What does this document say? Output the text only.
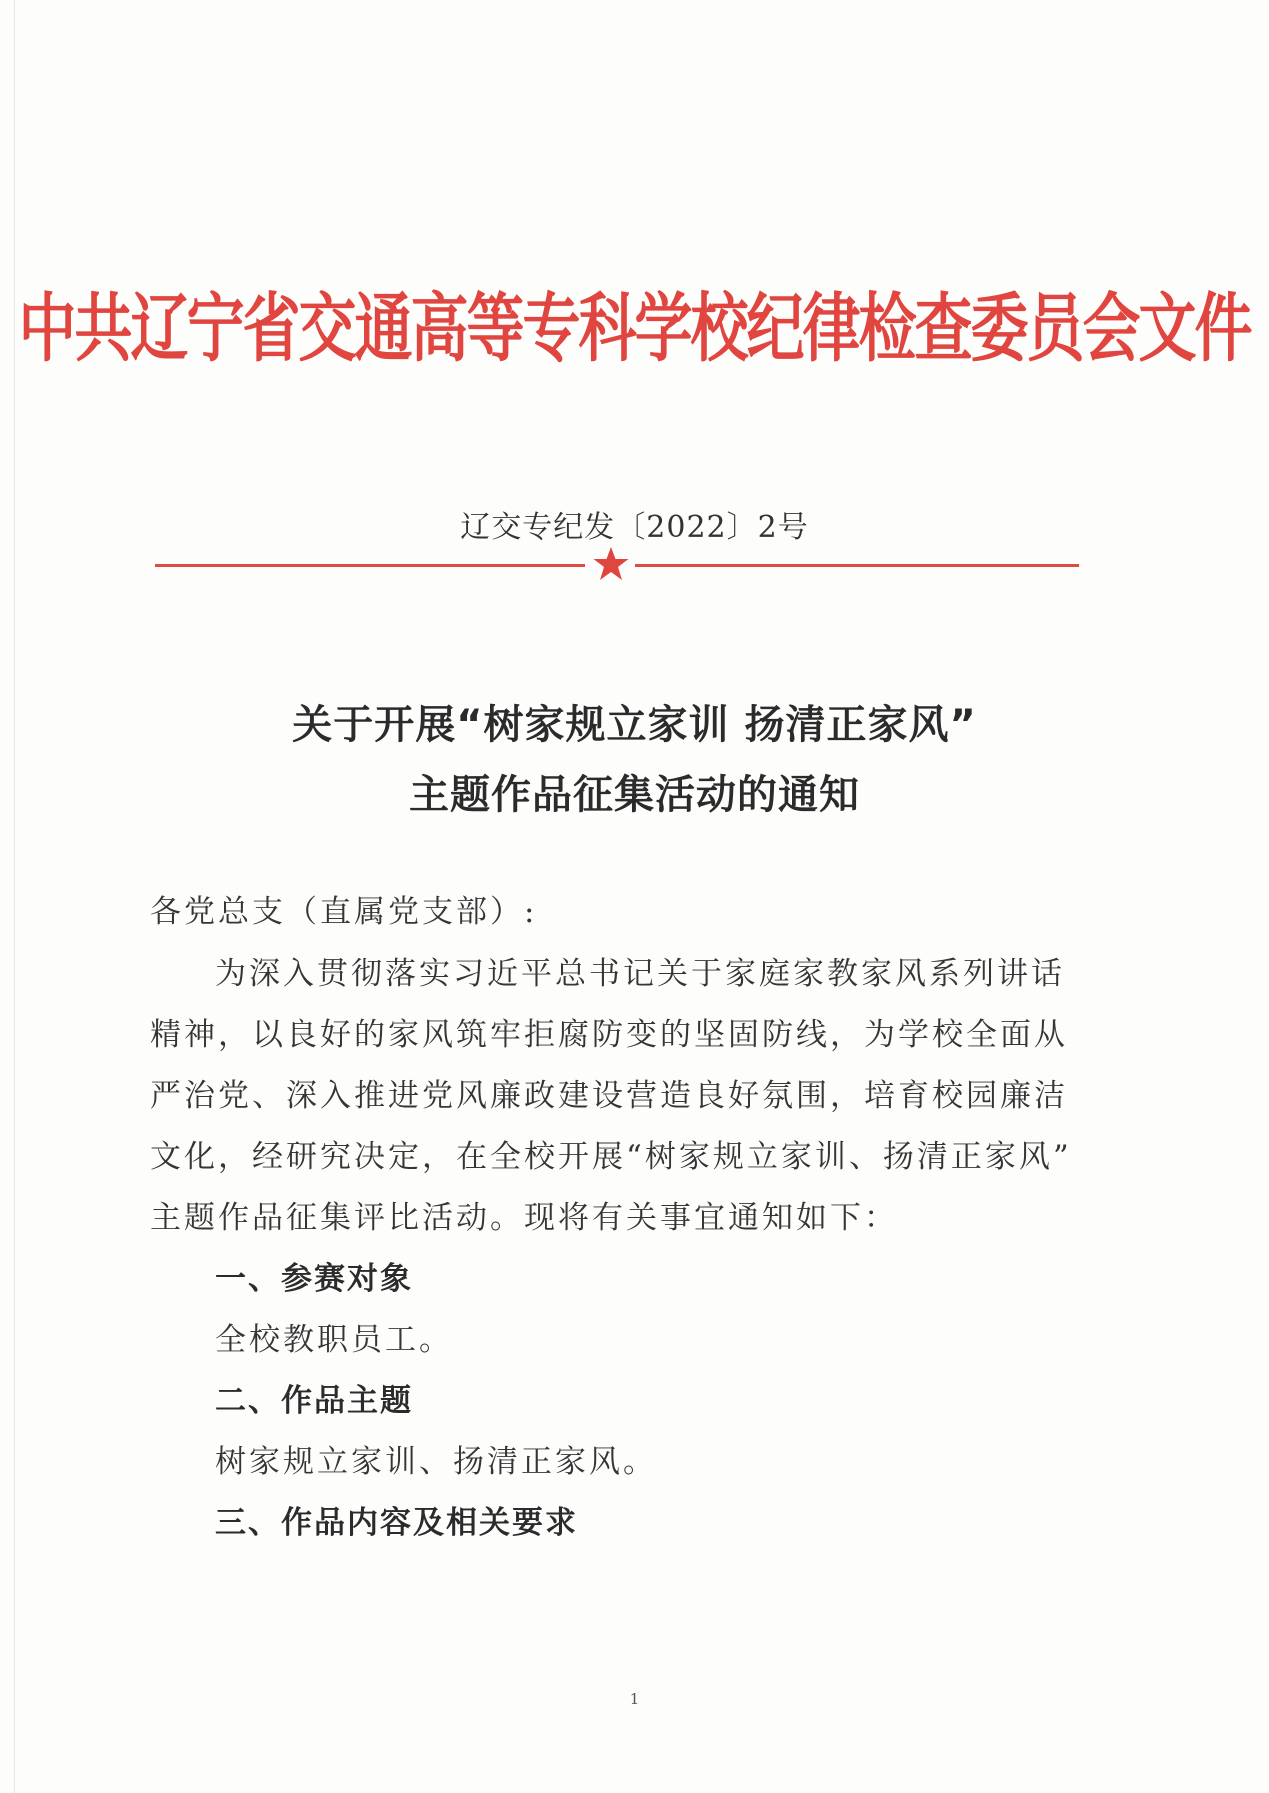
中共辽宁省交通高等专科学校纪律检查委员会文件
辽交专纪发〔2022〕2号
关于开展“树家规立家训 扬清正家风”
主题作品征集活动的通知
各党总支（直属党支部）:
为深入贯彻落实习近平总书记关于家庭家教家风系列讲话
精神，以良好的家风筑牢拒腐防变的坚固防线，为学校全面从
严治党、深入推进党风廉政建设营造良好氛围，培育校园廉洁
文化，经研究决定，在全校开展“树家规立家训、扬清正家风”
主题作品征集评比活动。现将有关事宜通知如下：
一、参赛对象
全校教职员工。
二、作品主题
树家规立家训、扬清正家风。
三、作品内容及相关要求
1
